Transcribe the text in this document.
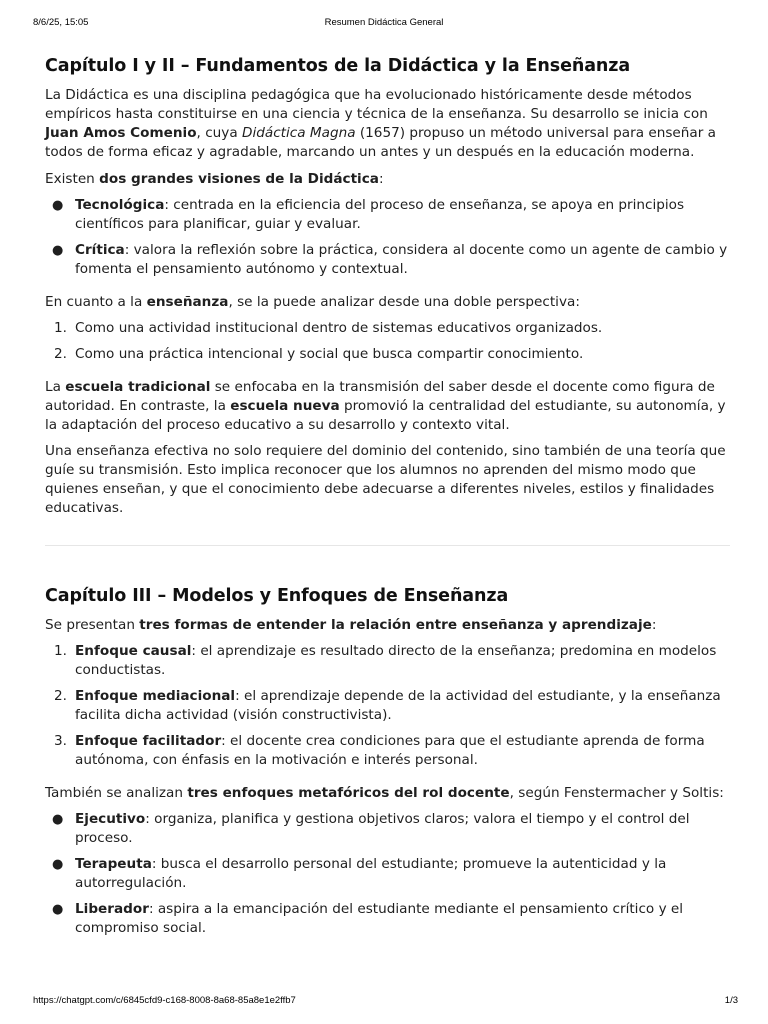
8/6/25, 15:05	Resumen Didáctica General
Capítulo I y II – Fundamentos de la Didáctica y la Enseñanza

La Didáctica es una disciplina pedagógica que ha evolucionado históricamente desde métodos empíricos hasta constituirse en una ciencia y técnica de la enseñanza. Su desarrollo se inicia con Juan Amos Comenio, cuya Didáctica Magna (1657) propuso un método universal para enseñar a todos de forma eficaz y agradable, marcando un antes y un después en la educación moderna.

Existen dos grandes visiones de la Didáctica:

● Tecnológica: centrada en la eficiencia del proceso de enseñanza, se apoya en principios científicos para planificar, guiar y evaluar.
● Crítica: valora la reflexión sobre la práctica, considera al docente como un agente de cambio y fomenta el pensamiento autónomo y contextual.

En cuanto a la enseñanza, se la puede analizar desde una doble perspectiva:

1. Como una actividad institucional dentro de sistemas educativos organizados.
2. Como una práctica intencional y social que busca compartir conocimiento.

La escuela tradicional se enfocaba en la transmisión del saber desde el docente como figura de autoridad. En contraste, la escuela nueva promovió la centralidad del estudiante, su autonomía, y la adaptación del proceso educativo a su desarrollo y contexto vital.

Una enseñanza efectiva no solo requiere del dominio del contenido, sino también de una teoría que guíe su transmisión. Esto implica reconocer que los alumnos no aprenden del mismo modo que quienes enseñan, y que el conocimiento debe adecuarse a diferentes niveles, estilos y finalidades educativas.

Capítulo III – Modelos y Enfoques de Enseñanza

Se presentan tres formas de entender la relación entre enseñanza y aprendizaje:

1. Enfoque causal: el aprendizaje es resultado directo de la enseñanza; predomina en modelos conductistas.
2. Enfoque mediacional: el aprendizaje depende de la actividad del estudiante, y la enseñanza facilita dicha actividad (visión constructivista).
3. Enfoque facilitador: el docente crea condiciones para que el estudiante aprenda de forma autónoma, con énfasis en la motivación e interés personal.

También se analizan tres enfoques metafóricos del rol docente, según Fenstermacher y Soltis:

● Ejecutivo: organiza, planifica y gestiona objetivos claros; valora el tiempo y el control del proceso.
● Terapeuta: busca el desarrollo personal del estudiante; promueve la autenticidad y la autorregulación.
● Liberador: aspira a la emancipación del estudiante mediante el pensamiento crítico y el compromiso social.
https://chatgpt.com/c/6845cfd9-c168-8008-8a68-85a8e1e2ffb7	1/3
